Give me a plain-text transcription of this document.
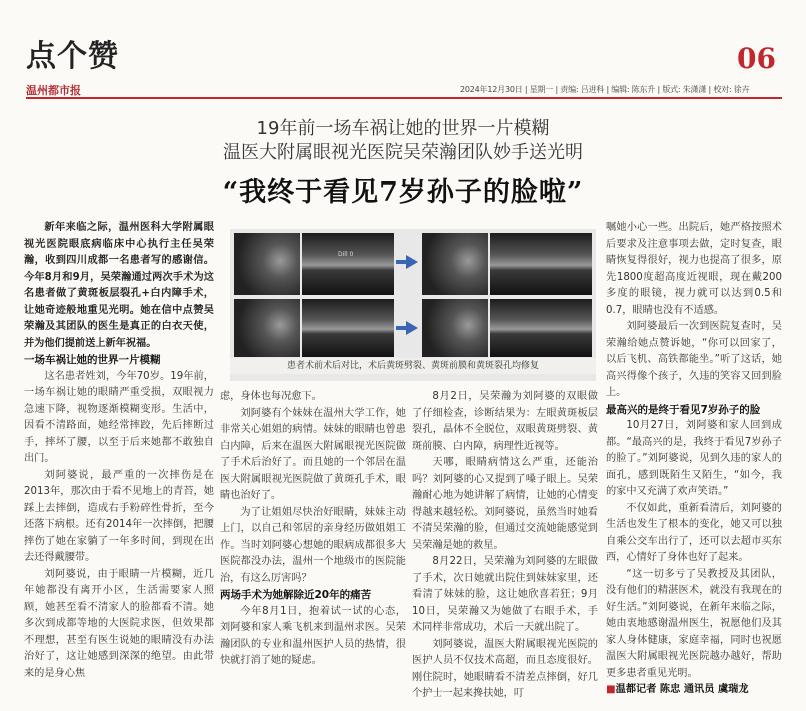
点个赞
温州都市报
06
2024年12月30日 | 星期一 | 责编: 吕进科 | 编辑: 陈东升 | 版式: 朱潇潇 | 校对: 徐卉
19年前一场车祸让她的世界一片模糊
温医大附属眼视光医院吴荣瀚团队妙手送光明
“我终于看见7岁孙子的脸啦”

新年来临之际，温州医科大学附属眼视光医院眼底病临床中心执行主任吴荣瀚，收到四川成都一名患者写的感谢信。今年8月和9月，吴荣瀚通过两次手术为这名患者做了黄斑板层裂孔+白内障手术，让她奇迹般地重见光明。她在信中点赞吴荣瀚及其团队的医生是真正的白衣天使，并为他们提前送上新年祝福。

一场车祸让她的世界一片模糊

这名患者姓刘，今年70岁。19年前，一场车祸让她的眼睛严重受损，双眼视力急速下降，视物逐渐模糊变形。生活中，因看不清路面，她经常摔跤，先后摔断过手，摔坏了腰，以至于后来她都不敢独自出门。

刘阿婆说，最严重的一次摔伤是在2013年，那次由于看不见地上的青苔，她踩上去摔倒，造成右手粉碎性骨折，至今还落下病根。还有2014年一次摔倒，把腰摔伤了她在家躺了一年多时间，到现在出去还得戴腰带。

刘阿婆说，由于眼睛一片模糊，近几年她都没有离开小区，生活需要家人照顾，她甚至看不清家人的脸都看不清。她多次到成都等地的大医院求医，但效果都不理想，甚至有医生说她的眼睛没有办法治好了，这让她感到深深的绝望。由此带来的是身心焦

Dill 0
患者术前术后对比，术后黄斑劈裂、黄斑前膜和黄斑裂孔均修复

虑，身体也每况愈下。

刘阿婆有个妹妹在温州大学工作，她非常关心姐姐的病情。妹妹的眼睛也曾患白内障，后来在温医大附属眼视光医院做了手术后治好了。而且她的一个邻居在温医大附属眼视光医院做了黄斑孔手术，眼睛也治好了。

为了让姐姐尽快治好眼睛，妹妹主动上门，以自己和邻居的亲身经历做姐姐工作。当时刘阿婆心想她的眼病成都很多大医院都没办法，温州一个地级市的医院能治，有这么厉害吗？

两场手术为她解除近20年的痛苦

今年8月1日，抱着试一试的心态，刘阿婆和家人乘飞机来到温州求医。吴荣瀚团队的专业和温州医护人员的热情，很快就打消了她的疑虑。

8月2日，吴荣瀚为刘阿婆的双眼做了仔细检查，诊断结果为：左眼黄斑板层裂孔，晶体不全脱位，双眼黄斑劈裂、黄斑前膜、白内障，病理性近视等。

天哪，眼睛病情这么严重，还能治吗？刘阿婆的心又提到了嗓子眼上。吴荣瀚耐心地为她讲解了病情，让她的心情变得越来越轻松。刘阿婆说，虽然当时她看不清吴荣瀚的脸，但通过交流她能感觉到吴荣瀚是她的救星。

8月22日，吴荣瀚为刘阿婆的左眼做了手术，次日她就出院住到妹妹家里，还看清了妹妹的脸，这让她欣喜若狂；9月10日，吴荣瀚又为她做了右眼手术，手术同样非常成功，术后一天就出院了。

刘阿婆说，温医大附属眼视光医院的医护人员不仅技术高超，而且态度很好。刚住院时，她眼睛看不清差点摔倒，好几个护士一起来搀扶她，叮

嘱她小心一些。出院后，她严格按照术后要求及注意事项去做，定时复查，眼睛恢复得很好，视力也提高了很多，原先1800度超高度近视眼，现在戴200多度的眼镜，视力就可以达到0.5和0.7，眼睛也没有不适感。

刘阿婆最后一次到医院复查时，吴荣瀚给她点赞诉她，“你可以回家了，以后飞机、高铁都能坐。”听了这话，她高兴得像个孩子，久违的笑容又回到脸上。

最高兴的是终于看见7岁孙子的脸

10月27日，刘阿婆和家人回到成都。“最高兴的是，我终于看见7岁孙子的脸了。”刘阿婆说，见到久违的家人的面孔，感到既陌生又陌生，“如今，我的家中又充满了欢声笑语。”

不仅如此，重新看清后，刘阿婆的生活也发生了根本的变化，她又可以独自乘公交车出行了，还可以去超市买东西，心情好了身体也好了起来。

“这一切多亏了吴教授及其团队，没有他们的精湛医术，就没有我现在的好生活。”刘阿婆说，在新年来临之际，她由衷地感谢温州医生，祝愿他们及其家人身体健康，家庭幸福，同时也祝愿温医大附属眼视光医院越办越好，帮助更多患者重见光明。

■温都记者 陈忠 通讯员 虞瑞龙
